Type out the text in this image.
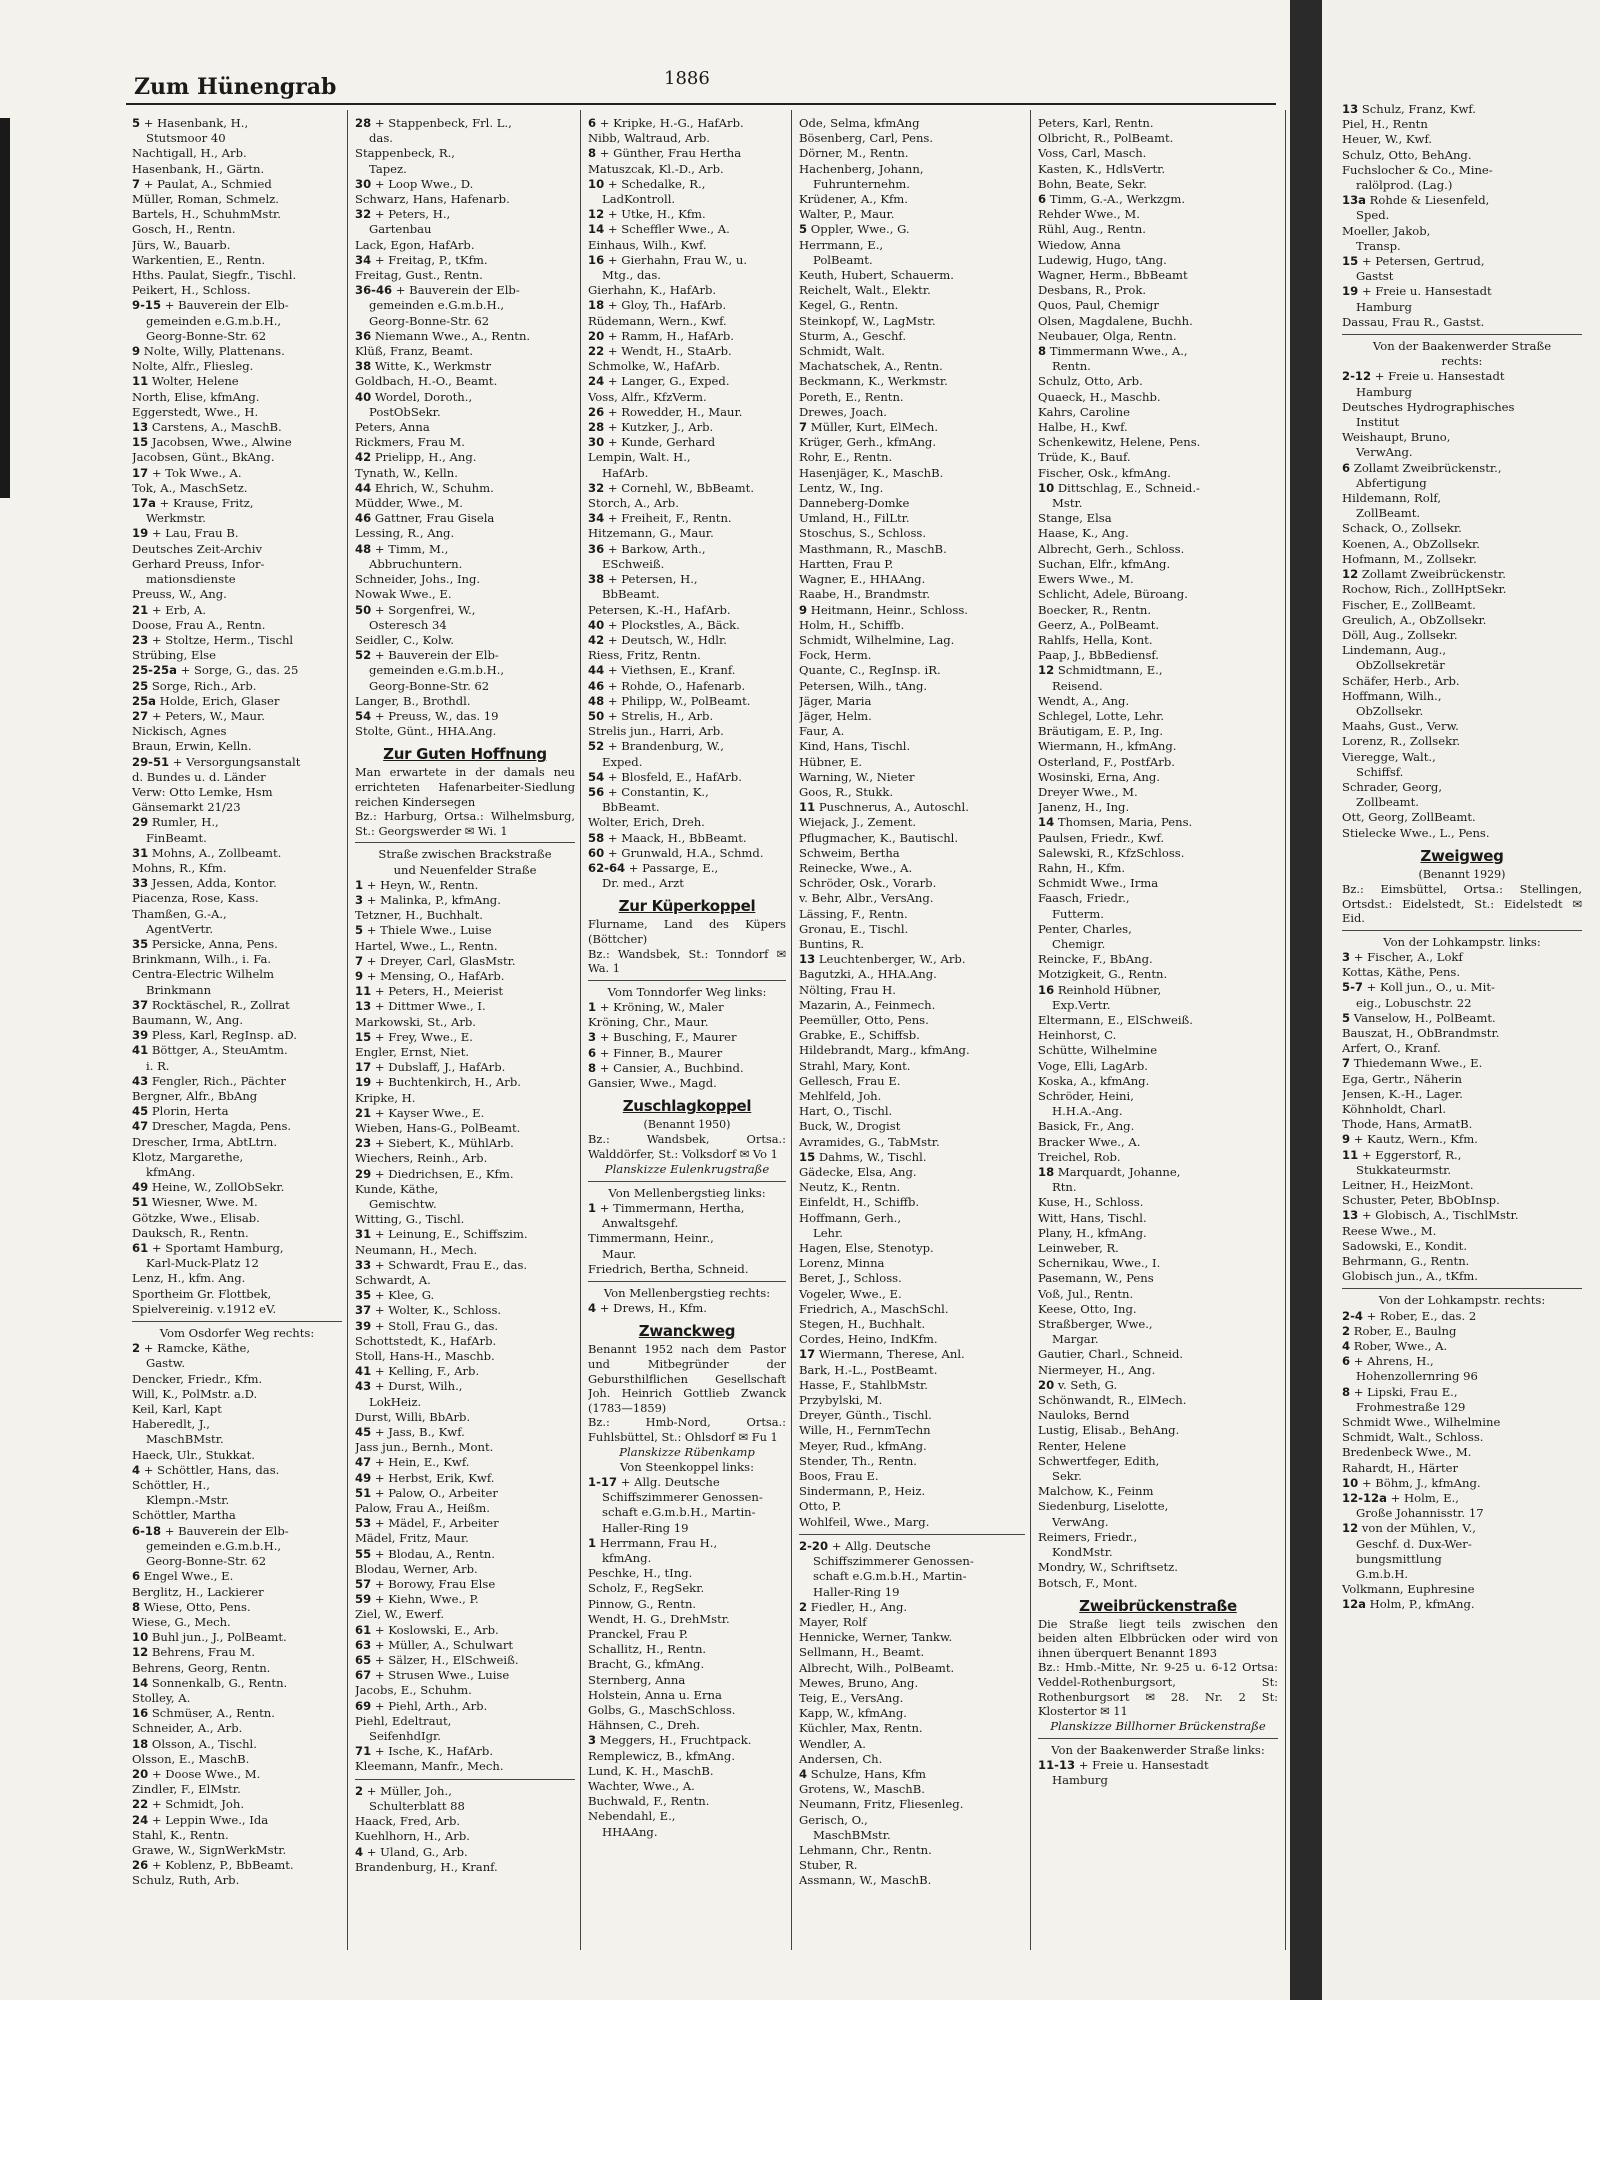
Zum Hünengrab	1886

5 + Hasenbank, H.,

Stutsmoor 40

Nachtigall, H., Arb.

Hasenbank, H., Gärtn.

7 + Paulat, A., Schmied

Müller, Roman, Schmelz.

Bartels, H., SchuhmMstr.

Gosch, H., Rentn.

Jürs, W., Bauarb.

Warkentien, E., Rentn.

Hths. Paulat, Siegfr., Tischl.

Peikert, H., Schloss.

9-15 + Bauverein der Elb-

gemeinden e.G.m.b.H.,

Georg-Bonne-Str. 62

9 Nolte, Willy, Plattenans.

Nolte, Alfr., Fliesleg.

11 Wolter, Helene

North, Elise, kfmAng.

Eggerstedt, Wwe., H.

13 Carstens, A., MaschB.

15 Jacobsen, Wwe., Alwine

Jacobsen, Günt., BkAng.

17 + Tok Wwe., A.

Tok, A., MaschSetz.

17a + Krause, Fritz,

Werkmstr.

19 + Lau, Frau B.

Deutsches Zeit-Archiv

Gerhard Preuss, Infor-

mationsdienste

Preuss, W., Ang.

21 + Erb, A.

Doose, Frau A., Rentn.

23 + Stoltze, Herm., Tischl

Strübing, Else

25-25a + Sorge, G., das. 25

25 Sorge, Rich., Arb.

25a Holde, Erich, Glaser

27 + Peters, W., Maur.

Nickisch, Agnes

Braun, Erwin, Kelln.

29-51 + Versorgungsanstalt

d. Bundes u. d. Länder

Verw: Otto Lemke, Hsm

Gänsemarkt 21/23

29 Rumler, H.,

FinBeamt.

31 Mohns, A., Zollbeamt.

Mohns, R., Kfm.

33 Jessen, Adda, Kontor.

Piacenza, Rose, Kass.

Thamßen, G.-A.,

AgentVertr.

35 Persicke, Anna, Pens.

Brinkmann, Wilh., i. Fa.

Centra-Electric Wilhelm

Brinkmann

37 Rocktäschel, R., Zollrat

Baumann, W., Ang.

39 Pless, Karl, RegInsp. aD.

41 Böttger, A., SteuAmtm.

i. R.

43 Fengler, Rich., Pächter

Bergner, Alfr., BbAng

45 Plorin, Herta

47 Drescher, Magda, Pens.

Drescher, Irma, AbtLtrn.

Klotz, Margarethe,

kfmAng.

49 Heine, W., ZollObSekr.

51 Wiesner, Wwe. M.

Götzke, Wwe., Elisab.

Dauksch, R., Rentn.

61 + Sportamt Hamburg,

Karl-Muck-Platz 12

Lenz, H., kfm. Ang.

Sportheim Gr. Flottbek,

Spielvereinig. v.1912 eV.

Vom Osdorfer Weg rechts:

2 + Ramcke, Käthe,

Gastw.

Dencker, Friedr., Kfm.

Will, K., PolMstr. a.D.

Keil, Karl, Kapt

Haberedlt, J.,

MaschBMstr.

Haeck, Ulr., Stukkat.

4 + Schöttler, Hans, das.

Schöttler, H.,

Klempn.-Mstr.

Schöttler, Martha

6-18 + Bauverein der Elb-

gemeinden e.G.m.b.H.,

Georg-Bonne-Str. 62

6 Engel Wwe., E.

Berglitz, H., Lackierer

8 Wiese, Otto, Pens.

Wiese, G., Mech.

10 Buhl jun., J., PolBeamt.

12 Behrens, Frau M.

Behrens, Georg, Rentn.

14 Sonnenkalb, G., Rentn.

Stolley, A.

16 Schmüser, A., Rentn.

Schneider, A., Arb.

18 Olsson, A., Tischl.

Olsson, E., MaschB.

20 + Doose Wwe., M.

Zindler, F., ElMstr.

22 + Schmidt, Joh.

24 + Leppin Wwe., Ida

Stahl, K., Rentn.

Grawe, W., SignWerkMstr.

26 + Koblenz, P., BbBeamt.

Schulz, Ruth, Arb.

28 + Stappenbeck, Frl. L.,

das.

Stappenbeck, R.,

Tapez.

30 + Loop Wwe., D.

Schwarz, Hans, Hafenarb.

32 + Peters, H.,

Gartenbau

Lack, Egon, HafArb.

34 + Freitag, P., tKfm.

Freitag, Gust., Rentn.

36-46 + Bauverein der Elb-

gemeinden e.G.m.b.H.,

Georg-Bonne-Str. 62

36 Niemann Wwe., A., Rentn.

Klüß, Franz, Beamt.

38 Witte, K., Werkmstr

Goldbach, H.-O., Beamt.

40 Wordel, Doroth.,

PostObSekr.

Peters, Anna

Rickmers, Frau M.

42 Prielipp, H., Ang.

Tynath, W., Kelln.

44 Ehrich, W., Schuhm.

Müdder, Wwe., M.

46 Gattner, Frau Gisela

Lessing, R., Ang.

48 + Timm, M.,

Abbruchuntern.

Schneider, Johs., Ing.

Nowak Wwe., E.

50 + Sorgenfrei, W.,

Osteresch 34

Seidler, C., Kolw.

52 + Bauverein der Elb-

gemeinden e.G.m.b.H.,

Georg-Bonne-Str. 62

Langer, B., Brothdl.

54 + Preuss, W., das. 19

Stolte, Günt., HHA.Ang.

Zur Guten Hoffnung

Man erwartete in der damals neu errichteten Hafenarbeiter-Siedlung reichen Kindersegen

Bz.: Harburg, Ortsa.: Wilhelmsburg, St.: Georgswerder ✉ Wi. 1

Straße zwischen Brackstraße

und Neuenfelder Straße

1 + Heyn, W., Rentn.

3 + Malinka, P., kfmAng.

Tetzner, H., Buchhalt.

5 + Thiele Wwe., Luise

Hartel, Wwe., L., Rentn.

7 + Dreyer, Carl, GlasMstr.

9 + Mensing, O., HafArb.

11 + Peters, H., Meierist

13 + Dittmer Wwe., I.

Markowski, St., Arb.

15 + Frey, Wwe., E.

Engler, Ernst, Niet.

17 + Dubslaff, J., HafArb.

19 + Buchtenkirch, H., Arb.

Kripke, H.

21 + Kayser Wwe., E.

Wieben, Hans-G., PolBeamt.

23 + Siebert, K., MühlArb.

Wiechers, Reinh., Arb.

29 + Diedrichsen, E., Kfm.

Kunde, Käthe,

Gemischtw.

Witting, G., Tischl.

31 + Leinung, E., Schiffszim.

Neumann, H., Mech.

33 + Schwardt, Frau E., das.

Schwardt, A.

35 + Klee, G.

37 + Wolter, K., Schloss.

39 + Stoll, Frau G., das.

Schottstedt, K., HafArb.

Stoll, Hans-H., Maschb.

41 + Kelling, F., Arb.

43 + Durst, Wilh.,

LokHeiz.

Durst, Willi, BbArb.

45 + Jass, B., Kwf.

Jass jun., Bernh., Mont.

47 + Hein, E., Kwf.

49 + Herbst, Erik, Kwf.

51 + Palow, O., Arbeiter

Palow, Frau A., Heißm.

53 + Mädel, F., Arbeiter

Mädel, Fritz, Maur.

55 + Blodau, A., Rentn.

Blodau, Werner, Arb.

57 + Borowy, Frau Else

59 + Kiehn, Wwe., P.

Ziel, W., Ewerf.

61 + Koslowski, E., Arb.

63 + Müller, A., Schulwart

65 + Sälzer, H., ElSchweiß.

67 + Strusen Wwe., Luise

Jacobs, E., Schuhm.

69 + Piehl, Arth., Arb.

Piehl, Edeltraut,

SeifenhdIgr.

71 + Ische, K., HafArb.

Kleemann, Manfr., Mech.

2 + Müller, Joh.,

Schulterblatt 88

Haack, Fred, Arb.

Kuehlhorn, H., Arb.

4 + Uland, G., Arb.

Brandenburg, H., Kranf.

6 + Kripke, H.-G., HafArb.

Nibb, Waltraud, Arb.

8 + Günther, Frau Hertha

Matuszcak, Kl.-D., Arb.

10 + Schedalke, R.,

LadKontroll.

12 + Utke, H., Kfm.

14 + Scheffler Wwe., A.

Einhaus, Wilh., Kwf.

16 + Gierhahn, Frau W., u.

Mtg., das.

Gierhahn, K., HafArb.

18 + Gloy, Th., HafArb.

Rüdemann, Wern., Kwf.

20 + Ramm, H., HafArb.

22 + Wendt, H., StaArb.

Schmolke, W., HafArb.

24 + Langer, G., Exped.

Voss, Alfr., KfzVerm.

26 + Rowedder, H., Maur.

28 + Kutzker, J., Arb.

30 + Kunde, Gerhard

Lempin, Walt. H.,

HafArb.

32 + Cornehl, W., BbBeamt.

Storch, A., Arb.

34 + Freiheit, F., Rentn.

Hitzemann, G., Maur.

36 + Barkow, Arth.,

ESchweiß.

38 + Petersen, H.,

BbBeamt.

Petersen, K.-H., HafArb.

40 + Plockstles, A., Bäck.

42 + Deutsch, W., Hdlr.

Riess, Fritz, Rentn.

44 + Viethsen, E., Kranf.

46 + Rohde, O., Hafenarb.

48 + Philipp, W., PolBeamt.

50 + Strelis, H., Arb.

Strelis jun., Harri, Arb.

52 + Brandenburg, W.,

Exped.

54 + Blosfeld, E., HafArb.

56 + Constantin, K.,

BbBeamt.

Wolter, Erich, Dreh.

58 + Maack, H., BbBeamt.

60 + Grunwald, H.A., Schmd.

62-64 + Passarge, E.,

Dr. med., Arzt

Zur Küperkoppel

Flurname, Land des Küpers (Böttcher)

Bz.: Wandsbek, St.: Tonndorf ✉ Wa. 1

Vom Tonndorfer Weg links:

1 + Kröning, W., Maler

Kröning, Chr., Maur.

3 + Busching, F., Maurer

6 + Finner, B., Maurer

8 + Cansier, A., Buchbind.

Gansier, Wwe., Magd.

Zuschlagkoppel
(Benannt 1950)

Bz.: Wandsbek, Ortsa.: Walddörfer, St.: Volksdorf ✉ Vo 1

Planskizze Eulenkrugstraße

Von Mellenbergstieg links:

1 + Timmermann, Hertha,

Anwaltsgehf.

Timmermann, Heinr.,

Maur.

Friedrich, Bertha, Schneid.

Von Mellenbergstieg rechts:

4 + Drews, H., Kfm.

Zwanckweg

Benannt 1952 nach dem Pastor und Mitbegründer der Gebursthilflichen Gesellschaft Joh. Heinrich Gottlieb Zwanck (1783—1859)

Bz.: Hmb-Nord, Ortsa.: Fuhlsbüttel, St.: Ohlsdorf ✉ Fu 1

Planskizze Rübenkamp

Von Steenkoppel links:

1-17 + Allg. Deutsche

Schiffszimmerer Genossen-

schaft e.G.m.b.H., Martin-

Haller-Ring 19

1 Herrmann, Frau H.,

kfmAng.

Peschke, H., tIng.

Scholz, F., RegSekr.

Pinnow, G., Rentn.

Wendt, H. G., DrehMstr.

Pranckel, Frau P.

Schallitz, H., Rentn.

Bracht, G., kfmAng.

Sternberg, Anna

Holstein, Anna u. Erna

Golbs, G., MaschSchloss.

Hähnsen, C., Dreh.

3 Meggers, H., Fruchtpack.

Remplewicz, B., kfmAng.

Lund, K. H., MaschB.

Wachter, Wwe., A.

Buchwald, F., Rentn.

Nebendahl, E.,

HHAAng.

Ode, Selma, kfmAng

Bösenberg, Carl, Pens.

Dörner, M., Rentn.

Hachenberg, Johann,

Fuhrunternehm.

Krüdener, A., Kfm.

Walter, P., Maur.

5 Oppler, Wwe., G.

Herrmann, E.,

PolBeamt.

Keuth, Hubert, Schauerm.

Reichelt, Walt., Elektr.

Kegel, G., Rentn.

Steinkopf, W., LagMstr.

Sturm, A., Geschf.

Schmidt, Walt.

Machatschek, A., Rentn.

Beckmann, K., Werkmstr.

Poreth, E., Rentn.

Drewes, Joach.

7 Müller, Kurt, ElMech.

Krüger, Gerh., kfmAng.

Rohr, E., Rentn.

Hasenjäger, K., MaschB.

Lentz, W., Ing.

Danneberg-Domke

Umland, H., FilLtr.

Stoschus, S., Schloss.

Masthmann, R., MaschB.

Hartten, Frau P.

Wagner, E., HHAAng.

Raabe, H., Brandmstr.

9 Heitmann, Heinr., Schloss.

Holm, H., Schiffb.

Schmidt, Wilhelmine, Lag.

Fock, Herm.

Quante, C., RegInsp. iR.

Petersen, Wilh., tAng.

Jäger, Maria

Jäger, Helm.

Faur, A.

Kind, Hans, Tischl.

Hübner, E.

Warning, W., Nieter

Goos, R., Stukk.

11 Puschnerus, A., Autoschl.

Wiejack, J., Zement.

Pflugmacher, K., Bautischl.

Schweim, Bertha

Reinecke, Wwe., A.

Schröder, Osk., Vorarb.

v. Behr, Albr., VersAng.

Lässing, F., Rentn.

Gronau, E., Tischl.

Buntins, R.

13 Leuchtenberger, W., Arb.

Bagutzki, A., HHA.Ang.

Nölting, Frau H.

Mazarin, A., Feinmech.

Peemüller, Otto, Pens.

Grabke, E., Schiffsb.

Hildebrandt, Marg., kfmAng.

Strahl, Mary, Kont.

Gellesch, Frau E.

Mehlfeld, Joh.

Hart, O., Tischl.

Buck, W., Drogist

Avramides, G., TabMstr.

15 Dahms, W., Tischl.

Gädecke, Elsa, Ang.

Neutz, K., Rentn.

Einfeldt, H., Schiffb.

Hoffmann, Gerh.,

Lehr.

Hagen, Else, Stenotyp.

Lorenz, Minna

Beret, J., Schloss.

Vogeler, Wwe., E.

Friedrich, A., MaschSchl.

Stegen, H., Buchhalt.

Cordes, Heino, IndKfm.

17 Wiermann, Therese, Anl.

Bark, H.-L., PostBeamt.

Hasse, F., StahlbMstr.

Przybylski, M.

Dreyer, Günth., Tischl.

Wille, H., FernmTechn

Meyer, Rud., kfmAng.

Stender, Th., Rentn.

Boos, Frau E.

Sindermann, P., Heiz.

Otto, P.

Wohlfeil, Wwe., Marg.

2-20 + Allg. Deutsche

Schiffszimmerer Genossen-

schaft e.G.m.b.H., Martin-

Haller-Ring 19

2 Fiedler, H., Ang.

Mayer, Rolf

Hennicke, Werner, Tankw.

Sellmann, H., Beamt.

Albrecht, Wilh., PolBeamt.

Mewes, Bruno, Ang.

Teig, E., VersAng.

Kapp, W., kfmAng.

Küchler, Max, Rentn.

Wendler, A.

Andersen, Ch.

4 Schulze, Hans, Kfm

Grotens, W., MaschB.

Neumann, Fritz, Fliesenleg.

Gerisch, O.,

MaschBMstr.

Lehmann, Chr., Rentn.

Stuber, R.

Assmann, W., MaschB.

Peters, Karl, Rentn.

Olbricht, R., PolBeamt.

Voss, Carl, Masch.

Kasten, K., HdlsVertr.

Bohn, Beate, Sekr.

6 Timm, G.-A., Werkzgm.

Rehder Wwe., M.

Rühl, Aug., Rentn.

Wiedow, Anna

Ludewig, Hugo, tAng.

Wagner, Herm., BbBeamt

Desbans, R., Prok.

Quos, Paul, Chemigr

Olsen, Magdalene, Buchh.

Neubauer, Olga, Rentn.

8 Timmermann Wwe., A.,

Rentn.

Schulz, Otto, Arb.

Quaeck, H., Maschb.

Kahrs, Caroline

Halbe, H., Kwf.

Schenkewitz, Helene, Pens.

Trüde, K., Bauf.

Fischer, Osk., kfmAng.

10 Dittschlag, E., Schneid.-

Mstr.

Stange, Elsa

Haase, K., Ang.

Albrecht, Gerh., Schloss.

Suchan, Elfr., kfmAng.

Ewers Wwe., M.

Schlicht, Adele, Büroang.

Boecker, R., Rentn.

Geerz, A., PolBeamt.

Rahlfs, Hella, Kont.

Paap, J., BbBediensf.

12 Schmidtmann, E.,

Reisend.

Wendt, A., Ang.

Schlegel, Lotte, Lehr.

Bräutigam, E. P., Ing.

Wiermann, H., kfmAng.

Osterland, F., PostfArb.

Wosinski, Erna, Ang.

Dreyer Wwe., M.

Janenz, H., Ing.

14 Thomsen, Maria, Pens.

Paulsen, Friedr., Kwf.

Salewski, R., KfzSchloss.

Rahn, H., Kfm.

Schmidt Wwe., Irma

Faasch, Friedr.,

Futterm.

Penter, Charles,

Chemigr.

Reincke, F., BbAng.

Motzigkeit, G., Rentn.

16 Reinhold Hübner,

Exp.Vertr.

Eltermann, E., ElSchweiß.

Heinhorst, C.

Schütte, Wilhelmine

Voge, Elli, LagArb.

Koska, A., kfmAng.

Schröder, Heini,

H.H.A.-Ang.

Basick, Fr., Ang.

Bracker Wwe., A.

Treichel, Rob.

18 Marquardt, Johanne,

Rtn.

Kuse, H., Schloss.

Witt, Hans, Tischl.

Plany, H., kfmAng.

Leinweber, R.

Schernikau, Wwe., I.

Pasemann, W., Pens

Voß, Jul., Rentn.

Keese, Otto, Ing.

Straßberger, Wwe.,

Margar.

Gautier, Charl., Schneid.

Niermeyer, H., Ang.

20 v. Seth, G.

Schönwandt, R., ElMech.

Nauloks, Bernd

Lustig, Elisab., BehAng.

Renter, Helene

Schwertfeger, Edith,

Sekr.

Malchow, K., Feinm

Siedenburg, Liselotte,

VerwAng.

Reimers, Friedr.,

KondMstr.

Mondry, W., Schriftsetz.

Botsch, F., Mont.

Zweibrückenstraße

Die Straße liegt teils zwischen den beiden alten Elbbrücken oder wird von ihnen überquert Benannt 1893

Bz.: Hmb.-Mitte, Nr. 9-25 u. 6-12 Ortsa: Veddel-Rothenburgsort, St: Rothenburgsort ✉ 28. Nr. 2 St: Klostertor ✉ 11

Planskizze Billhorner Brückenstraße

Von der Baakenwerder Straße links:

11-13 + Freie u. Hansestadt

Hamburg

13 Schulz, Franz, Kwf.

Piel, H., Rentn

Heuer, W., Kwf.

Schulz, Otto, BehAng.

Fuchslocher & Co., Mine-

ralölprod. (Lag.)

13a Rohde & Liesenfeld,

Sped.

Moeller, Jakob,

Transp.

15 + Petersen, Gertrud,

Gastst

19 + Freie u. Hansestadt

Hamburg

Dassau, Frau R., Gastst.

Von der Baakenwerder Straße

rechts:

2-12 + Freie u. Hansestadt

Hamburg

Deutsches Hydrographisches

Institut

Weishaupt, Bruno,

VerwAng.

6 Zollamt Zweibrückenstr.,

Abfertigung

Hildemann, Rolf,

ZollBeamt.

Schack, O., Zollsekr.

Koenen, A., ObZollsekr.

Hofmann, M., Zollsekr.

12 Zollamt Zweibrückenstr.

Rochow, Rich., ZollHptSekr.

Fischer, E., ZollBeamt.

Greulich, A., ObZollsekr.

Döll, Aug., Zollsekr.

Lindemann, Aug.,

ObZollsekretär

Schäfer, Herb., Arb.

Hoffmann, Wilh.,

ObZollsekr.

Maahs, Gust., Verw.

Lorenz, R., Zollsekr.

Vieregge, Walt.,

Schiffsf.

Schrader, Georg,

Zollbeamt.

Ott, Georg, ZollBeamt.

Stielecke Wwe., L., Pens.

Zweigweg
(Benannt 1929)

Bz.: Eimsbüttel, Ortsa.: Stellingen, Ortsdst.: Eidelstedt, St.: Eidelstedt ✉ Eid.

Von der Lohkampstr. links:

3 + Fischer, A., Lokf

Kottas, Käthe, Pens.

5-7 + Koll jun., O., u. Mit-

eig., Lobuschstr. 22

5 Vanselow, H., PolBeamt.

Bauszat, H., ObBrandmstr.

Arfert, O., Kranf.

7 Thiedemann Wwe., E.

Ega, Gertr., Näherin

Jensen, K.-H., Lager.

Köhnholdt, Charl.

Thode, Hans, ArmatB.

9 + Kautz, Wern., Kfm.

11 + Eggerstorf, R.,

Stukkateurmstr.

Leitner, H., HeizMont.

Schuster, Peter, BbObInsp.

13 + Globisch, A., TischlMstr.

Reese Wwe., M.

Sadowski, E., Kondit.

Behrmann, G., Rentn.

Globisch jun., A., tKfm.

Von der Lohkampstr. rechts:

2-4 + Rober, E., das. 2

2 Rober, E., Baulng

4 Rober, Wwe., A.

6 + Ahrens, H.,

Hohenzollernring 96

8 + Lipski, Frau E.,

Frohmestraße 129

Schmidt Wwe., Wilhelmine

Schmidt, Walt., Schloss.

Bredenbeck Wwe., M.

Rahardt, H., Härter

10 + Böhm, J., kfmAng.

12-12a + Holm, E.,

Große Johannisstr. 17

12 von der Mühlen, V.,

Geschf. d. Dux-Wer-

bungsmittlung

G.m.b.H.

Volkmann, Euphresine

12a Holm, P., kfmAng.
